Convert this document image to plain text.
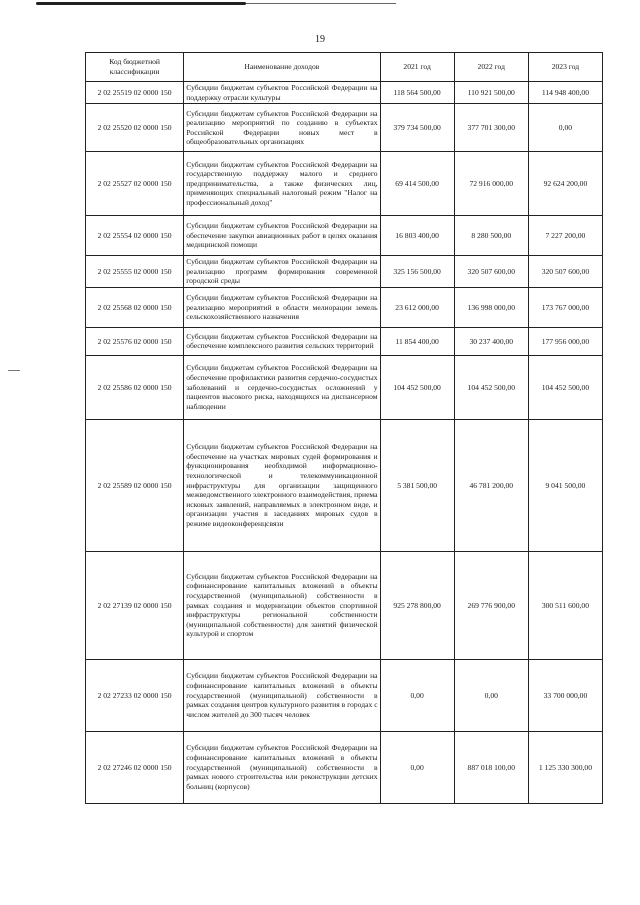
19
Код бюджетной классификации	Наименование доходов	2021 год	2022 год	2023 год
2 02 25519 02 0000 150	Субсидии бюджетам субъектов Российской Федерации на поддержку отрасли культуры	118 564 500,00	110 921 500,00	114 948 400,00
2 02 25520 02 0000 150	Субсидии бюджетам субъектов Российской Федерации на реализацию мероприятий по созданию в субъектах Российской Федерации новых мест в общеобразовательных организациях	379 734 500,00	377 701 300,00	0,00
2 02 25527 02 0000 150	Субсидии бюджетам субъектов Российской Федерации на государственную поддержку малого и среднего предпринимательства, а также физических лиц, применяющих специальный налоговый режим "Налог на профессиональный доход"	69 414 500,00	72 916 000,00	92 624 200,00
2 02 25554 02 0000 150	Субсидии бюджетам субъектов Российской Федерации на обеспечение закупки авиационных работ в целях оказания медицинской помощи	16 803 400,00	8 280 500,00	7 227 200,00
2 02 25555 02 0000 150	Субсидии бюджетам субъектов Российской Федерации на реализацию программ формирования современной городской среды	325 156 500,00	320 507 600,00	320 507 600,00
2 02 25568 02 0000 150	Субсидии бюджетам субъектов Российской Федерации на реализацию мероприятий в области мелиорации земель сельскохозяйственного назначения	23 612 000,00	136 998 000,00	173 767 000,00
2 02 25576 02 0000 150	Субсидии бюджетам субъектов Российской Федерации на обеспечение комплексного развития сельских территорий	11 854 400,00	30 237 400,00	177 956 000,00
2 02 25586 02 0000 150	Субсидии бюджетам субъектов Российской Федерации на обеспечение профилактики развития сердечно-сосудистых заболеваний и сердечно-сосудистых осложнений у пациентов высокого риска, находящихся на диспансерном наблюдении	104 452 500,00	104 452 500,00	104 452 500,00
2 02 25589 02 0000 150	Субсидии бюджетам субъектов Российской Федерации на обеспечение на участках мировых судей формирования и функционирования необходимой информационно-технологической и телекоммуникационной инфраструктуры для организации защищенного межведомственного электронного взаимодействия, приема исковых заявлений, направляемых в электронном виде, и организации участия в заседаниях мировых судов в режиме видеоконференцсвязи	5 381 500,00	46 781 200,00	9 041 500,00
2 02 27139 02 0000 150	Субсидии бюджетам субъектов Российской Федерации на софинансирование капитальных вложений в объекты государственной (муниципальной) собственности в рамках создания и модернизации объектов спортивной инфраструктуры региональной собственности (муниципальной собственности) для занятий физической культурой и спортом	925 278 800,00	269 776 900,00	300 511 600,00
2 02 27233 02 0000 150	Субсидии бюджетам субъектов Российской Федерации на софинансирование капитальных вложений в объекты государственной (муниципальной) собственности в рамках создания центров культурного развития в городах с числом жителей до 300 тысяч человек	0,00	0,00	33 700 000,00
2 02 27246 02 0000 150	Субсидии бюджетам субъектов Российской Федерации на софинансирование капитальных вложений в объекты государственной (муниципальной) собственности в рамках нового строительства или реконструкции детских больниц (корпусов)	0,00	887 018 100,00	1 125 330 300,00
